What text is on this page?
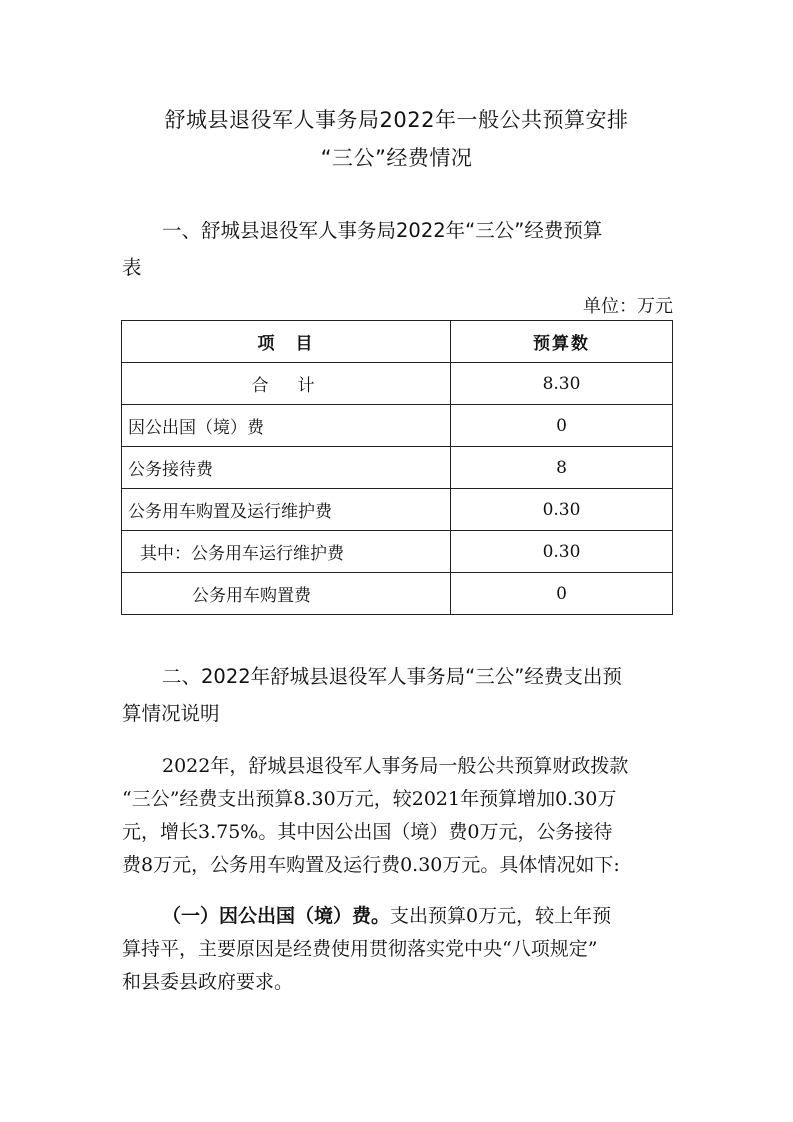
舒城县退役军人事务局2022年一般公共预算安排
“三公”经费情况
一、舒城县退役军人事务局2022年“三公”经费预算
表
单位：万元
项　目	预算数
合　计	8.30
因公出国（境）费	0
公务接待费	8
公务用车购置及运行维护费	0.30
其中：公务用车运行维护费	0.30
公务用车购置费	0
二、2022年舒城县退役军人事务局“三公”经费支出预
算情况说明
2022年，舒城县退役军人事务局一般公共预算财政拨款
“三公”经费支出预算8.30万元，较2021年预算增加0.30万
元，增长3.75%。其中因公出国（境）费0万元，公务接待
费8万元，公务用车购置及运行费0.30万元。具体情况如下:
（一）因公出国（境）费。支出预算0万元，较上年预
算持平，主要原因是经费使用贯彻落实党中央“八项规定”
和县委县政府要求。
